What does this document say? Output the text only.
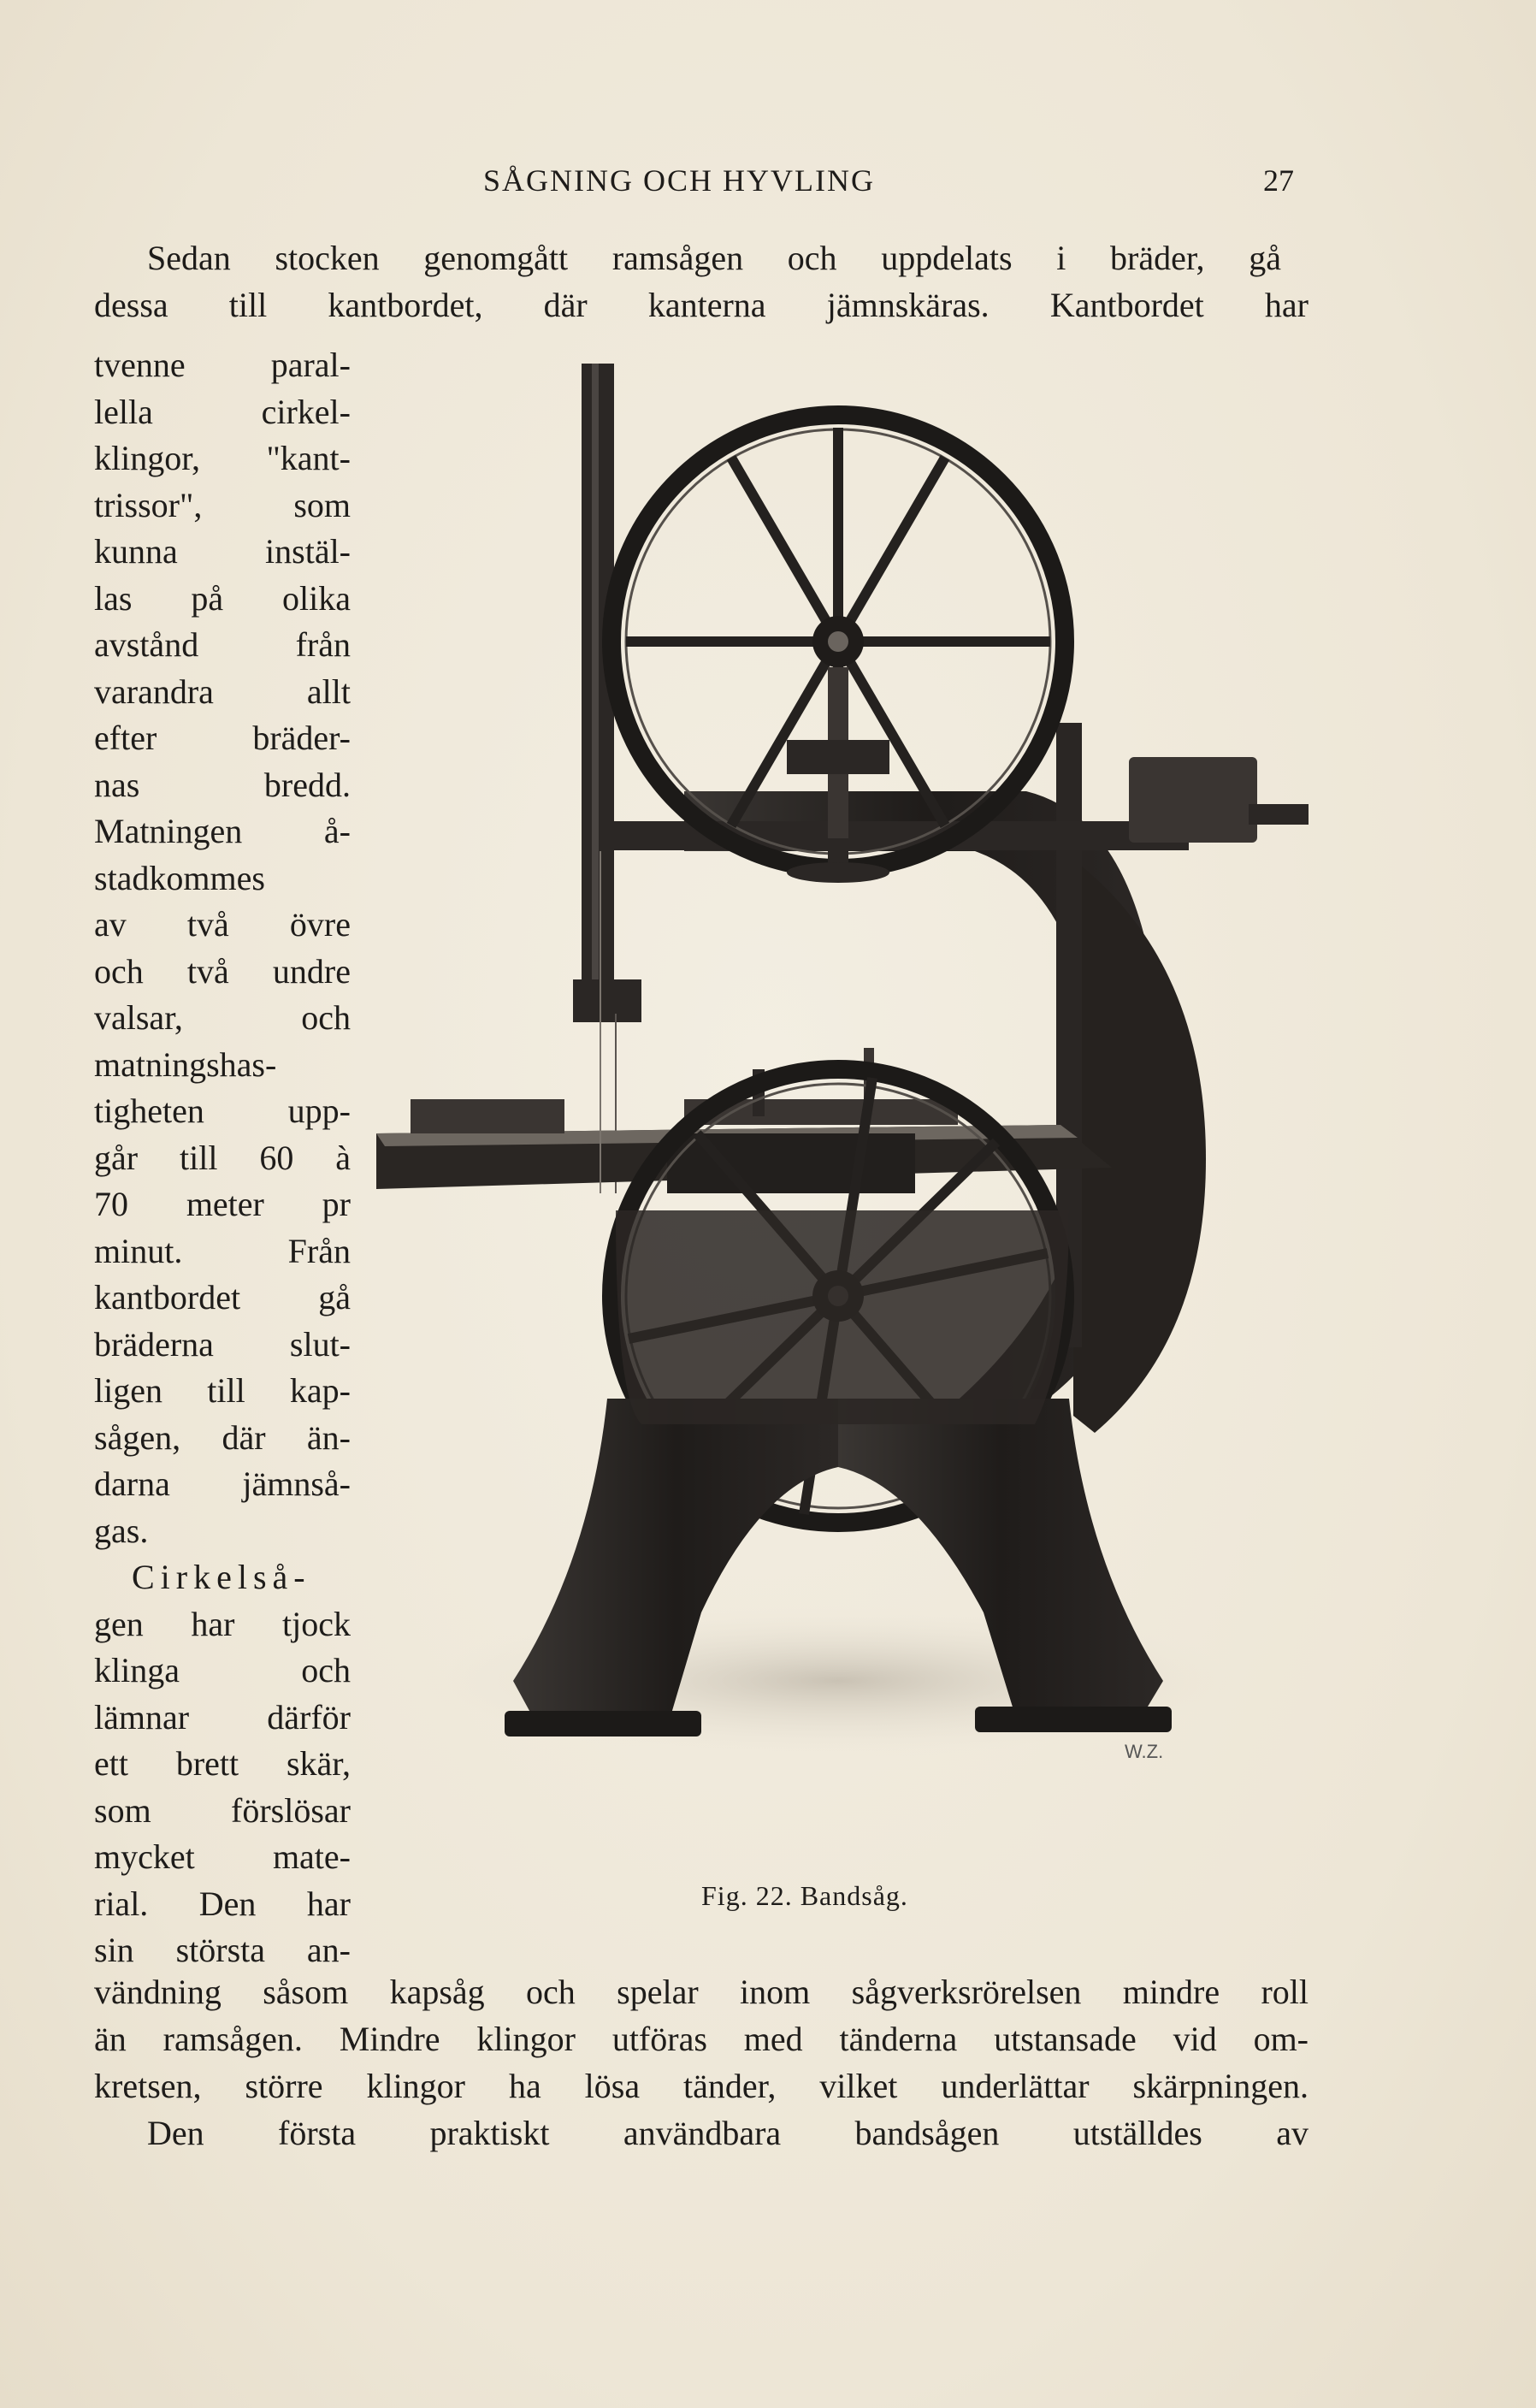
SÅGNING OCH HYVLING	27
Sedan stocken genomgått ramsågen och uppdelats i bräder, gå
dessa till kantbordet, där kanterna jämnskäras. Kantbordet har
tvenne paral-
lella cirkel-
klingor, "kant-
trissor", som
kunna instäl-
las på olika
avstånd från
varandra allt
efter bräder-
nas bredd.
Matningen å-
stadkommes
av två övre
och två undre
valsar, och
matningshas-
tigheten upp-
går till 60 à
70 meter pr
minut. Från
kantbordet gå
bräderna slut-
ligen till kap-
sågen, där än-
darna jämnså-
gas.
Cirkelså-
gen har tjock
klinga och
lämnar därför
ett brett skär,
som förslösar
mycket mate-
rial. Den har
sin största an-
W.Z.
Fig. 22. Bandsåg.
vändning såsom kapsåg och spelar inom sågverksrörelsen mindre roll
än ramsågen. Mindre klingor utföras med tänderna utstansade vid om-
kretsen, större klingor ha lösa tänder, vilket underlättar skärpningen.
Den första praktiskt användbara bandsågen utställdes av
